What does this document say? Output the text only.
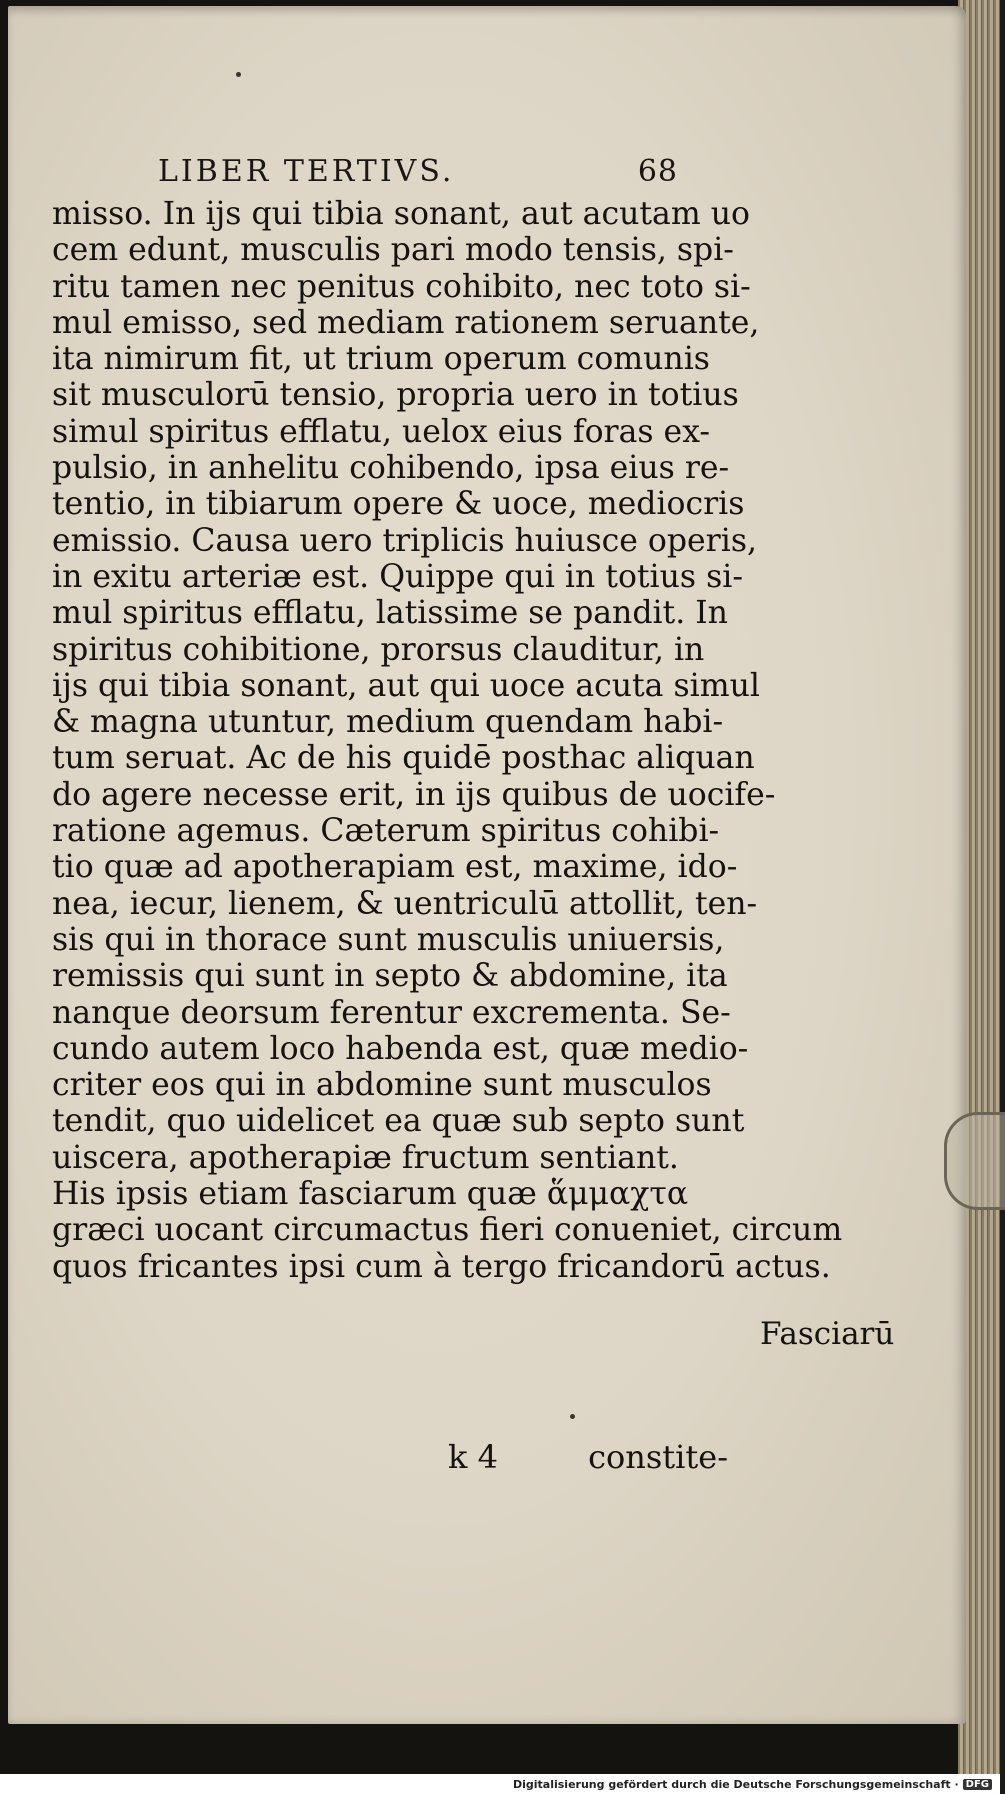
LIBER TERTIVS.	68
misso. In ijs qui tibia sonant, aut acutam uo
cem edunt, musculis pari modo tensis, spi-
ritu tamen nec penitus cohibito, nec toto si-
mul emisso, sed mediam rationem seruante,
ita nimirum fit, ut trium operum comunis
sit musculorū tensio, propria uero in totius
simul spiritus efflatu, uelox eius foras ex-
pulsio, in anhelitu cohibendo, ipsa eius re-
tentio, in tibiarum opere & uoce, mediocris
emissio. Causa uero triplicis huiusce operis,
in exitu arteriæ est. Quippe qui in totius si-
mul spiritus efflatu, latissime se pandit. In
spiritus cohibitione, prorsus clauditur, in
ijs qui tibia sonant, aut qui uoce acuta simul
& magna utuntur, medium quendam habi-
tum seruat. Ac de his quidē posthac aliquan
do agere necesse erit, in ijs quibus de uocife-
ratione agemus. Cæterum spiritus cohibi-
tio quæ ad apotherapiam est, maxime, ido-
nea, iecur, lienem, & uentriculū attollit, ten-
sis qui in thorace sunt musculis uniuersis,
remissis qui sunt in septo & abdomine, ita
nanque deorsum ferentur excrementa. Se-
cundo autem loco habenda est, quæ medio-
criter eos qui in abdomine sunt musculos
tendit, quo uidelicet ea quæ sub septo sunt
uiscera, apotherapiæ fructum sentiant.
His ipsis etiam fasciarum quæ ἅμμαχτα
græci uocant circumactus fieri conueniet, circum
quos fricantes ipsi cum à tergo fricandorū actus.
Fasciarū
k 4	constite-
Digitalisierung gefördert durch die Deutsche Forschungsgemeinschaft · DFG
